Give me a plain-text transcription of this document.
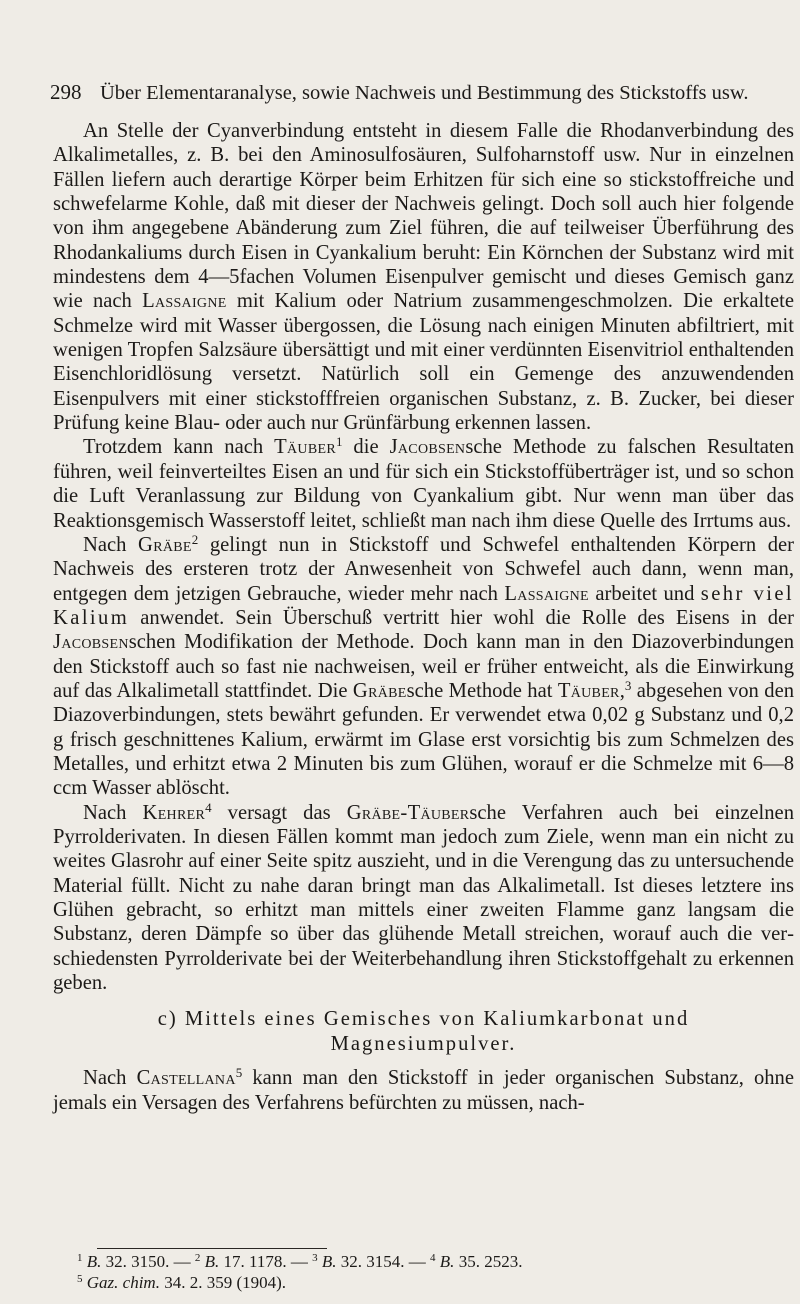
298 Über Elementaranalyse, sowie Nachweis und Bestimmung des Stickstoffs usw.

An Stelle der Cyanverbindung entsteht in diesem Falle die Rhodanverbindung des Alkalimetalles, z. B. bei den Aminosulfosäuren, Sulfoharnstoff usw. Nur in einzelnen Fällen liefern auch derartige Körper beim Erhitzen für sich eine so stickstoffreiche und schwefelarme Kohle, daß mit dieser der Nachweis gelingt. Doch soll auch hier folgende von ihm angegebene Abänderung zum Ziel führen, die auf teilweiser Überführung des Rhodankaliums durch Eisen in Cyankalium beruht: Ein Körnchen der Substanz wird mit mindestens dem 4—5fachen Volumen Eisenpulver gemischt und dieses Gemisch ganz wie nach Lassaigne mit Kalium oder Natrium zusammengeschmolzen. Die erkaltete Schmelze wird mit Wasser übergossen, die Lösung nach einigen Minuten abfiltriert, mit wenigen Tropfen Salzsäure übersättigt und mit einer verdünnten Eisenvitriol enthaltenden Eisenchloridlösung versetzt. Natürlich soll ein Gemenge des anzuwendenden Eisenpulvers mit einer stickstofffreien organischen Substanz, z. B. Zucker, bei dieser Prüfung keine Blau- oder auch nur Grünfärbung erkennen lassen.

Trotzdem kann nach Täuber$^1$ die Jacobsensche Methode zu falschen Resultaten führen, weil feinverteiltes Eisen an und für sich ein Stickstoffüberträger ist, und so schon die Luft Veranlassung zur Bildung von Cyankalium gibt. Nur wenn man über das Reaktionsgemisch Wasserstoff leitet, schließt man nach ihm diese Quelle des Irrtums aus.

Nach Gräbe$^2$ gelingt nun in Stickstoff und Schwefel enthaltenden Körpern der Nachweis des ersteren trotz der Anwesenheit von Schwefel auch dann, wenn man, entgegen dem jetzigen Gebrauche, wieder mehr nach Lassaigne arbeitet und sehr viel Kalium anwendet. Sein Überschuß vertritt hier wohl die Rolle des Eisens in der Jacobsenschen Modifikation der Methode. Doch kann man in den Diazoverbindungen den Stickstoff auch so fast nie nachweisen, weil er früher entweicht, als die Einwirkung auf das Alkalimetall stattfindet. Die Gräbesche Methode hat Täuber,$^3$ abgesehen von den Diazoverbindungen, stets bewährt gefunden. Er verwendet etwa 0,02 g Substanz und 0,2 g frisch geschnittenes Kalium, erwärmt im Glase erst vorsichtig bis zum Schmelzen des Metalles, und erhitzt etwa 2 Minuten bis zum Glühen, worauf er die Schmelze mit 6—8 ccm Wasser ablöscht.

Nach Kehrer$^4$ versagt das Gräbe-Täubersche Verfahren auch bei einzelnen Pyrrolderivaten. In diesen Fällen kommt man jedoch zum Ziele, wenn man ein nicht zu weites Glasrohr auf einer Seite spitz auszieht, und in die Verengung das zu untersuchende Material füllt. Nicht zu nahe daran bringt man das Alkalimetall. Ist dieses letztere ins Glühen gebracht, so erhitzt man mittels einer zweiten Flamme ganz langsam die Substanz, deren Dämpfe so über das glühende Metall streichen, worauf auch die verschiedensten Pyrrolderivate bei der Weiterbehandlung ihren Stickstoffgehalt zu erkennen geben.

c) Mittels eines Gemisches von Kaliumkarbonat und
Magnesiumpulver.

Nach Castellana$^5$ kann man den Stickstoff in jeder organischen Substanz, ohne jemals ein Versagen des Verfahrens befürchten zu müssen, nach-

$^1$ B. 32. 3150. — $^2$ B. 17. 1178. — $^3$ B. 32. 3154. — $^4$ B. 35. 2523.
$^5$ Gaz. chim. 34. 2. 359 (1904).
